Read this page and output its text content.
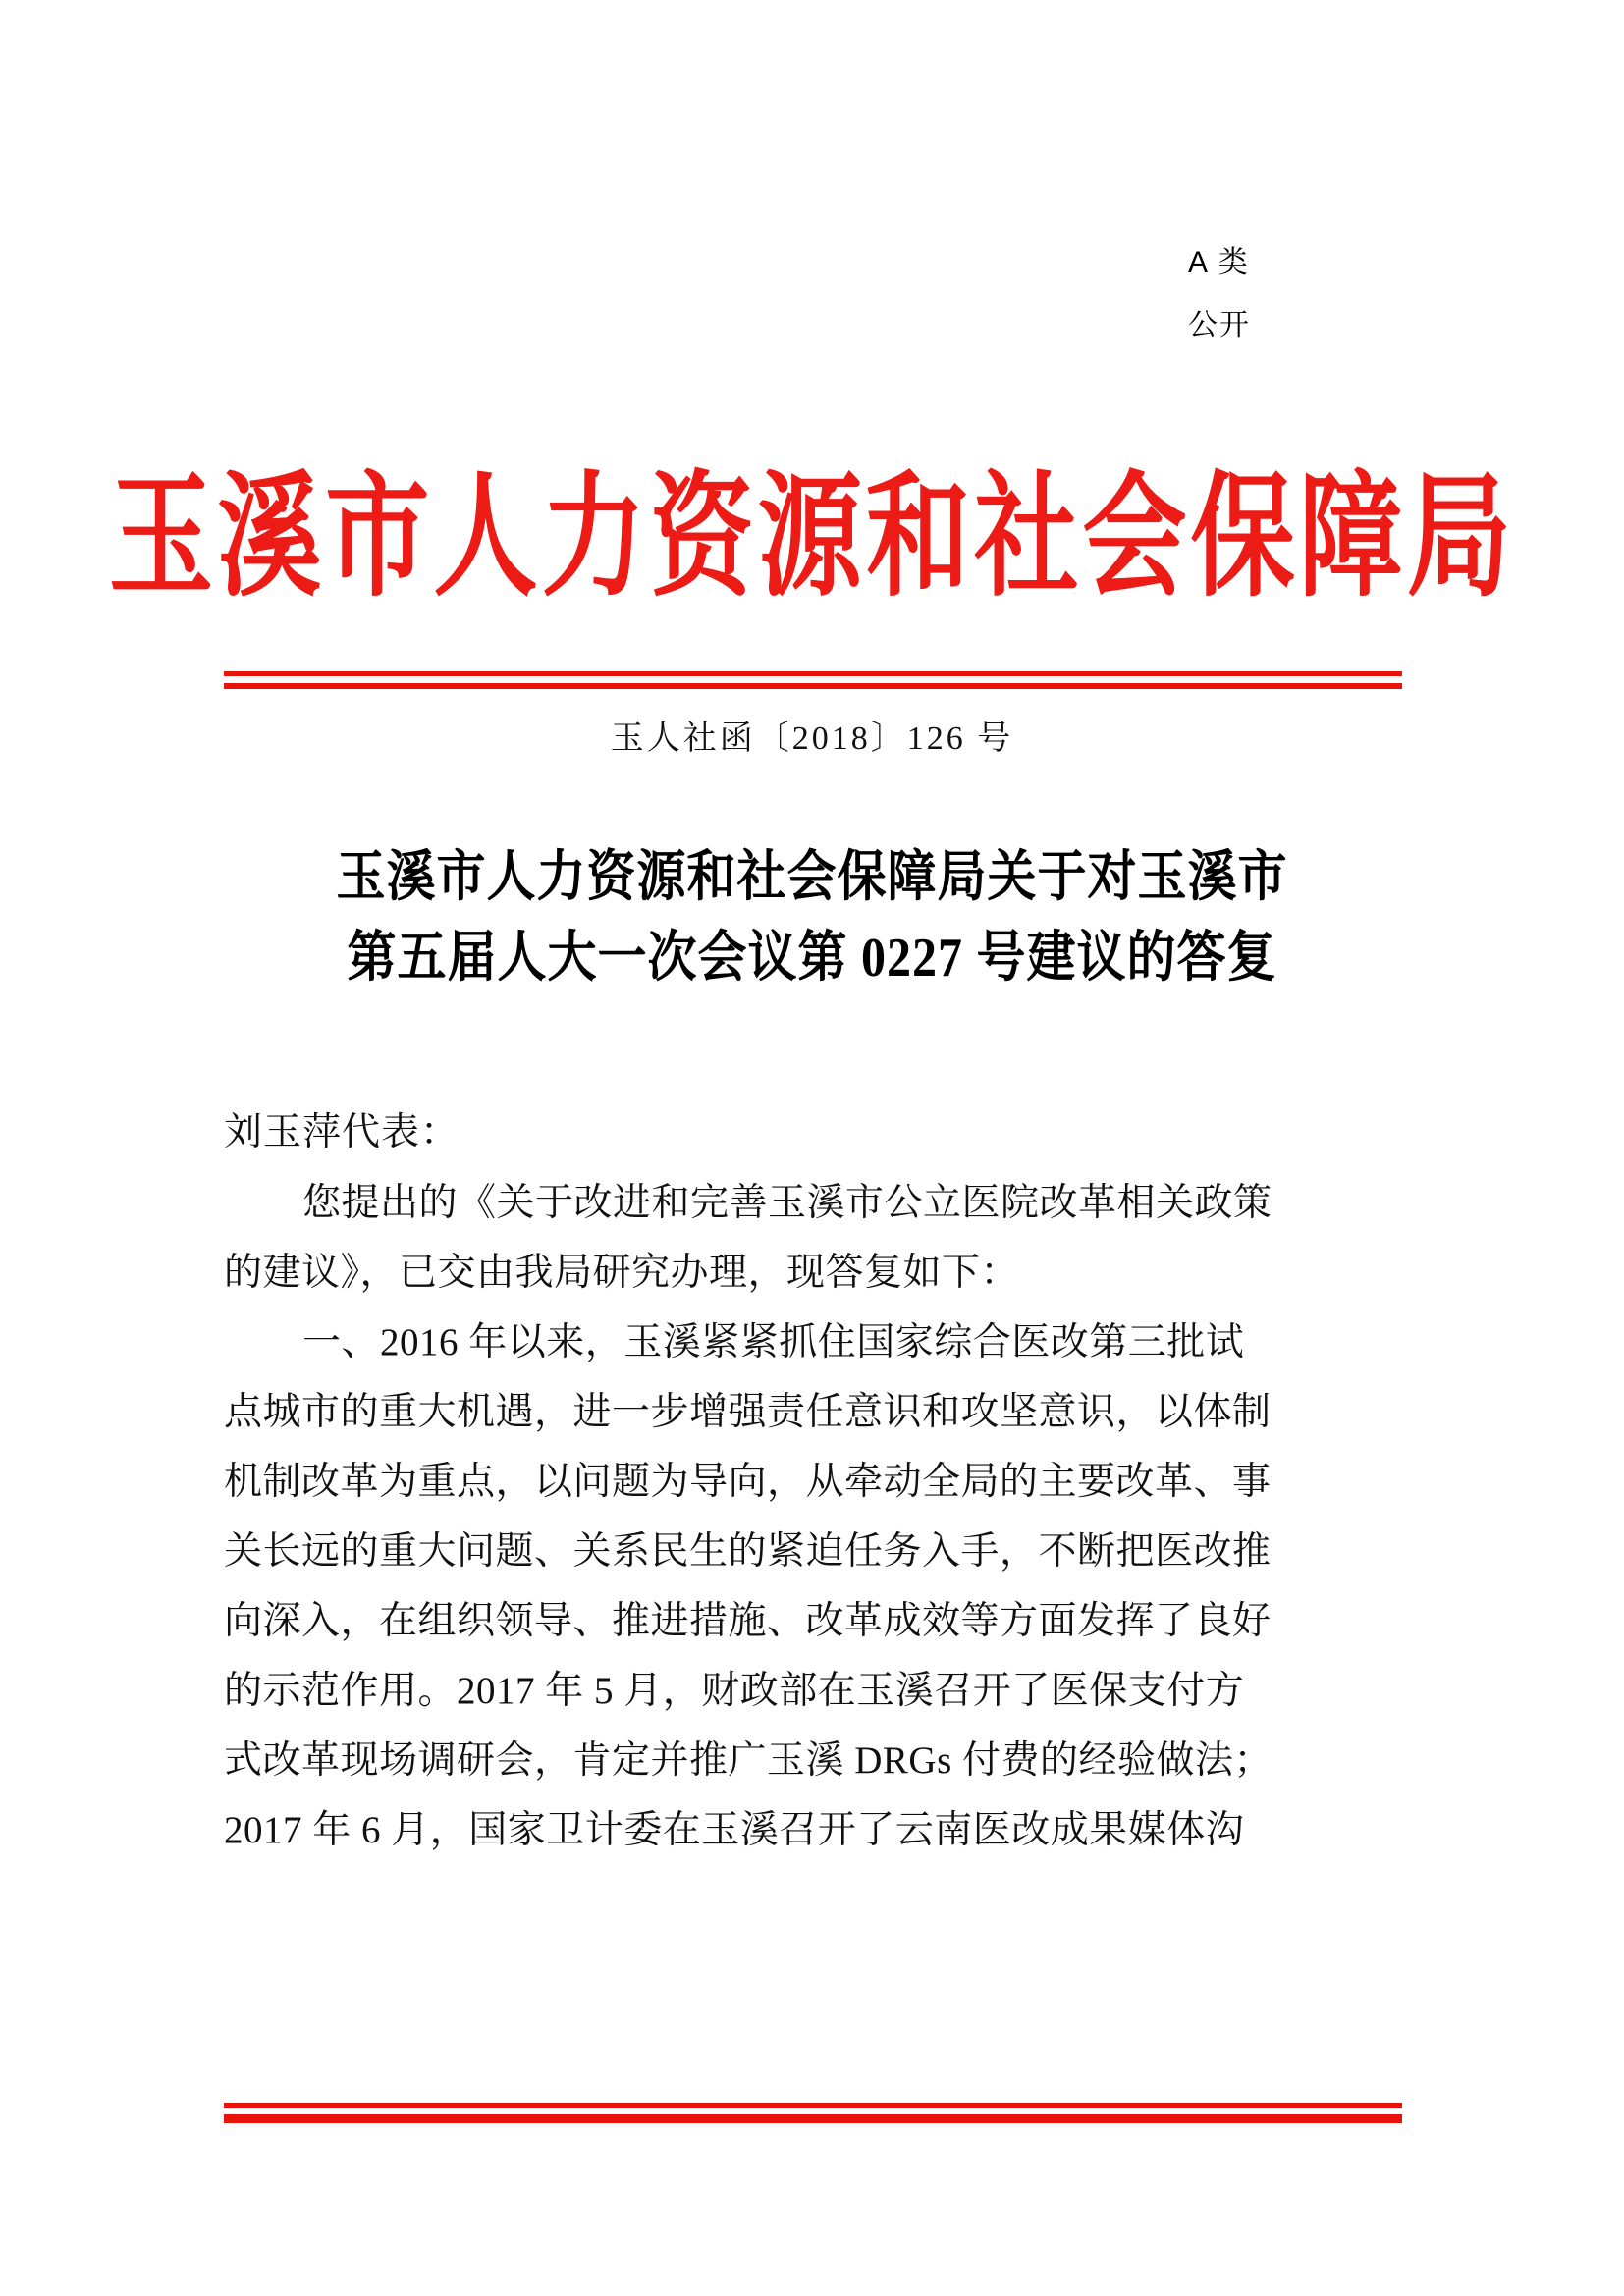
A 类
公开
玉溪市人力资源和社会保障局
玉人社函〔2018〕126 号
玉溪市人力资源和社会保障局关于对玉溪市
第五届人大一次会议第 0227 号建议的答复
刘玉萍代表：
您提出的《关于改进和完善玉溪市公立医院改革相关政策
的建议》，已交由我局研究办理，现答复如下：
一、2016 年以来，玉溪紧紧抓住国家综合医改第三批试
点城市的重大机遇，进一步增强责任意识和攻坚意识，以体制
机制改革为重点，以问题为导向，从牵动全局的主要改革、事
关长远的重大问题、关系民生的紧迫任务入手，不断把医改推
向深入，在组织领导、推进措施、改革成效等方面发挥了良好
的示范作用。2017 年 5 月，财政部在玉溪召开了医保支付方
式改革现场调研会，肯定并推广玉溪 DRGs 付费的经验做法；
2017 年 6 月，国家卫计委在玉溪召开了云南医改成果媒体沟
